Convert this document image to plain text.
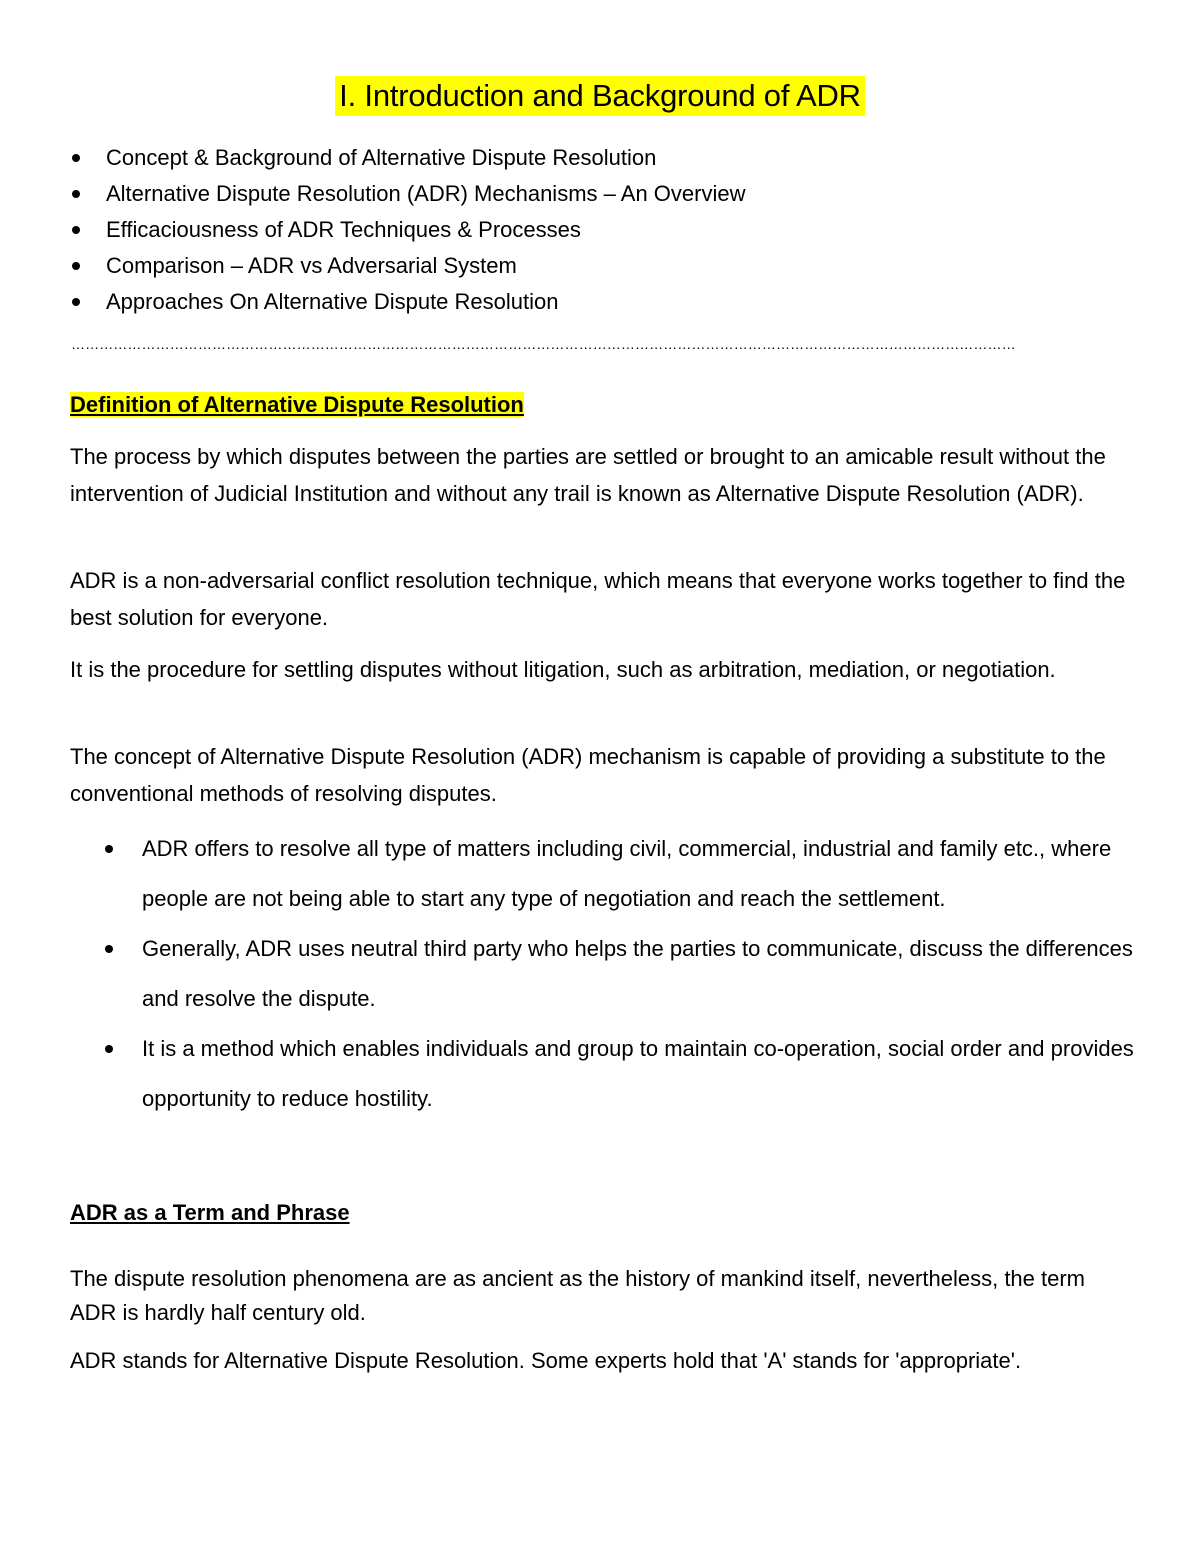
I. Introduction and Background of ADR
Concept & Background of Alternative Dispute Resolution
Alternative Dispute Resolution (ADR) Mechanisms – An Overview
Efficaciousness of ADR Techniques & Processes
Comparison – ADR vs Adversarial System
Approaches On Alternative Dispute Resolution
…………………………………………………………………………………………………………………………………………………………………………………
Definition of Alternative Dispute Resolution

The process by which disputes between the parties are settled or brought to an amicable result without the intervention of Judicial Institution and without any trail is known as Alternative Dispute Resolution (ADR).

ADR is a non-adversarial conflict resolution technique, which means that everyone works together to find the best solution for everyone.

It is the procedure for settling disputes without litigation, such as arbitration, mediation, or negotiation.

The concept of Alternative Dispute Resolution (ADR) mechanism is capable of providing a substitute to the conventional methods of resolving disputes.

ADR offers to resolve all type of matters including civil, commercial, industrial and family etc., where people are not being able to start any type of negotiation and reach the settlement.
Generally, ADR uses neutral third party who helps the parties to communicate, discuss the differences and resolve the dispute.
It is a method which enables individuals and group to maintain co-operation, social order and provides opportunity to reduce hostility.
ADR as a Term and Phrase

The dispute resolution phenomena are as ancient as the history of mankind itself, nevertheless, the term ADR is hardly half century old.

ADR stands for Alternative Dispute Resolution. Some experts hold that 'A' stands for 'appropriate'.
